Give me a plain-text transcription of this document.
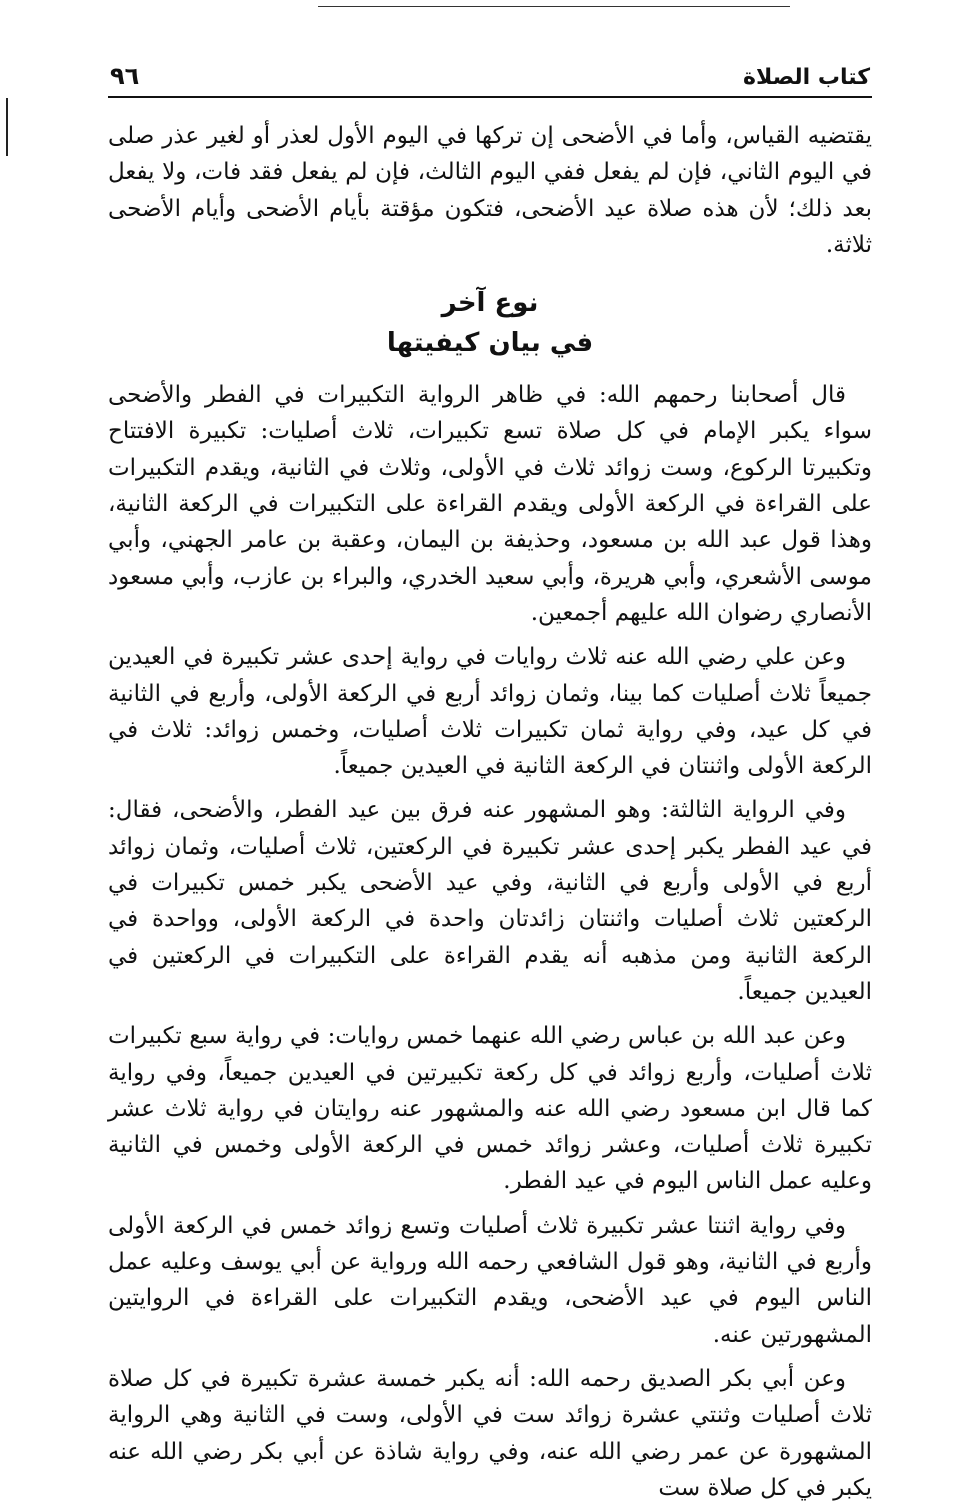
كتاب الصلاة
٩٦

يقتضيه القياس، وأما في الأضحى إن تركها في اليوم الأول لعذر أو لغير عذر صلى في اليوم الثاني، فإن لم يفعل ففي اليوم الثالث، فإن لم يفعل فقد فات، ولا يفعل بعد ذلك؛ لأن هذه صلاة عيد الأضحى، فتكون مؤقتة بأيام الأضحى وأيام الأضحى ثلاثة.

نوع آخر
في بيان كيفيتها

قال أصحابنا رحمهم الله: في ظاهر الرواية التكبيرات في الفطر والأضحى سواء يكبر الإمام في كل صلاة تسع تكبيرات، ثلاث أصليات: تكبيرة الافتتاح وتكبيرتا الركوع، وست زوائد ثلاث في الأولى، وثلاث في الثانية، ويقدم التكبيرات على القراءة في الركعة الأولى ويقدم القراءة على التكبيرات في الركعة الثانية، وهذا قول عبد الله بن مسعود، وحذيفة بن اليمان، وعقبة بن عامر الجهني، وأبي موسى الأشعري، وأبي هريرة، وأبي سعيد الخدري، والبراء بن عازب، وأبي مسعود الأنصاري رضوان الله عليهم أجمعين.

وعن علي رضي الله عنه ثلاث روايات في رواية إحدى عشر تكبيرة في العيدين جميعاً ثلاث أصليات كما بينا، وثمان زوائد أربع في الركعة الأولى، وأربع في الثانية في كل عيد، وفي رواية ثمان تكبيرات ثلاث أصليات، وخمس زوائد: ثلاث في الركعة الأولى واثنتان في الركعة الثانية في العيدين جميعاً.

وفي الرواية الثالثة: وهو المشهور عنه فرق بين عيد الفطر، والأضحى، فقال: في عيد الفطر يكبر إحدى عشر تكبيرة في الركعتين، ثلاث أصليات، وثمان زوائد أربع في الأولى وأربع في الثانية، وفي عيد الأضحى يكبر خمس تكبيرات في الركعتين ثلاث أصليات واثنتان زائدتان واحدة في الركعة الأولى، وواحدة في الركعة الثانية ومن مذهبه أنه يقدم القراءة على التكبيرات في الركعتين في العيدين جميعاً.

وعن عبد الله بن عباس رضي الله عنهما خمس روايات: في رواية سبع تكبيرات ثلاث أصليات، وأربع زوائد في كل ركعة تكبيرتين في العيدين جميعاً، وفي رواية كما قال ابن مسعود رضي الله عنه والمشهور عنه روايتان في رواية ثلاث عشر تكبيرة ثلاث أصليات، وعشر زوائد خمس في الركعة الأولى وخمس في الثانية وعليه عمل الناس اليوم في عيد الفطر.

وفي رواية اثنتا عشر تكبيرة ثلاث أصليات وتسع زوائد خمس في الركعة الأولى وأربع في الثانية، وهو قول الشافعي رحمه الله ورواية عن أبي يوسف وعليه عمل الناس اليوم في عيد الأضحى، ويقدم التكبيرات على القراءة في الروايتين المشهورتين عنه.

وعن أبي بكر الصديق رحمه الله: أنه يكبر خمسة عشرة تكبيرة في كل صلاة ثلاث أصليات وثنتي عشرة زوائد ست في الأولى، وست في الثانية وهي الرواية المشهورة عن عمر رضي الله عنه، وفي رواية شاذة عن أبي بكر رضي الله عنه يكبر في كل صلاة ست
